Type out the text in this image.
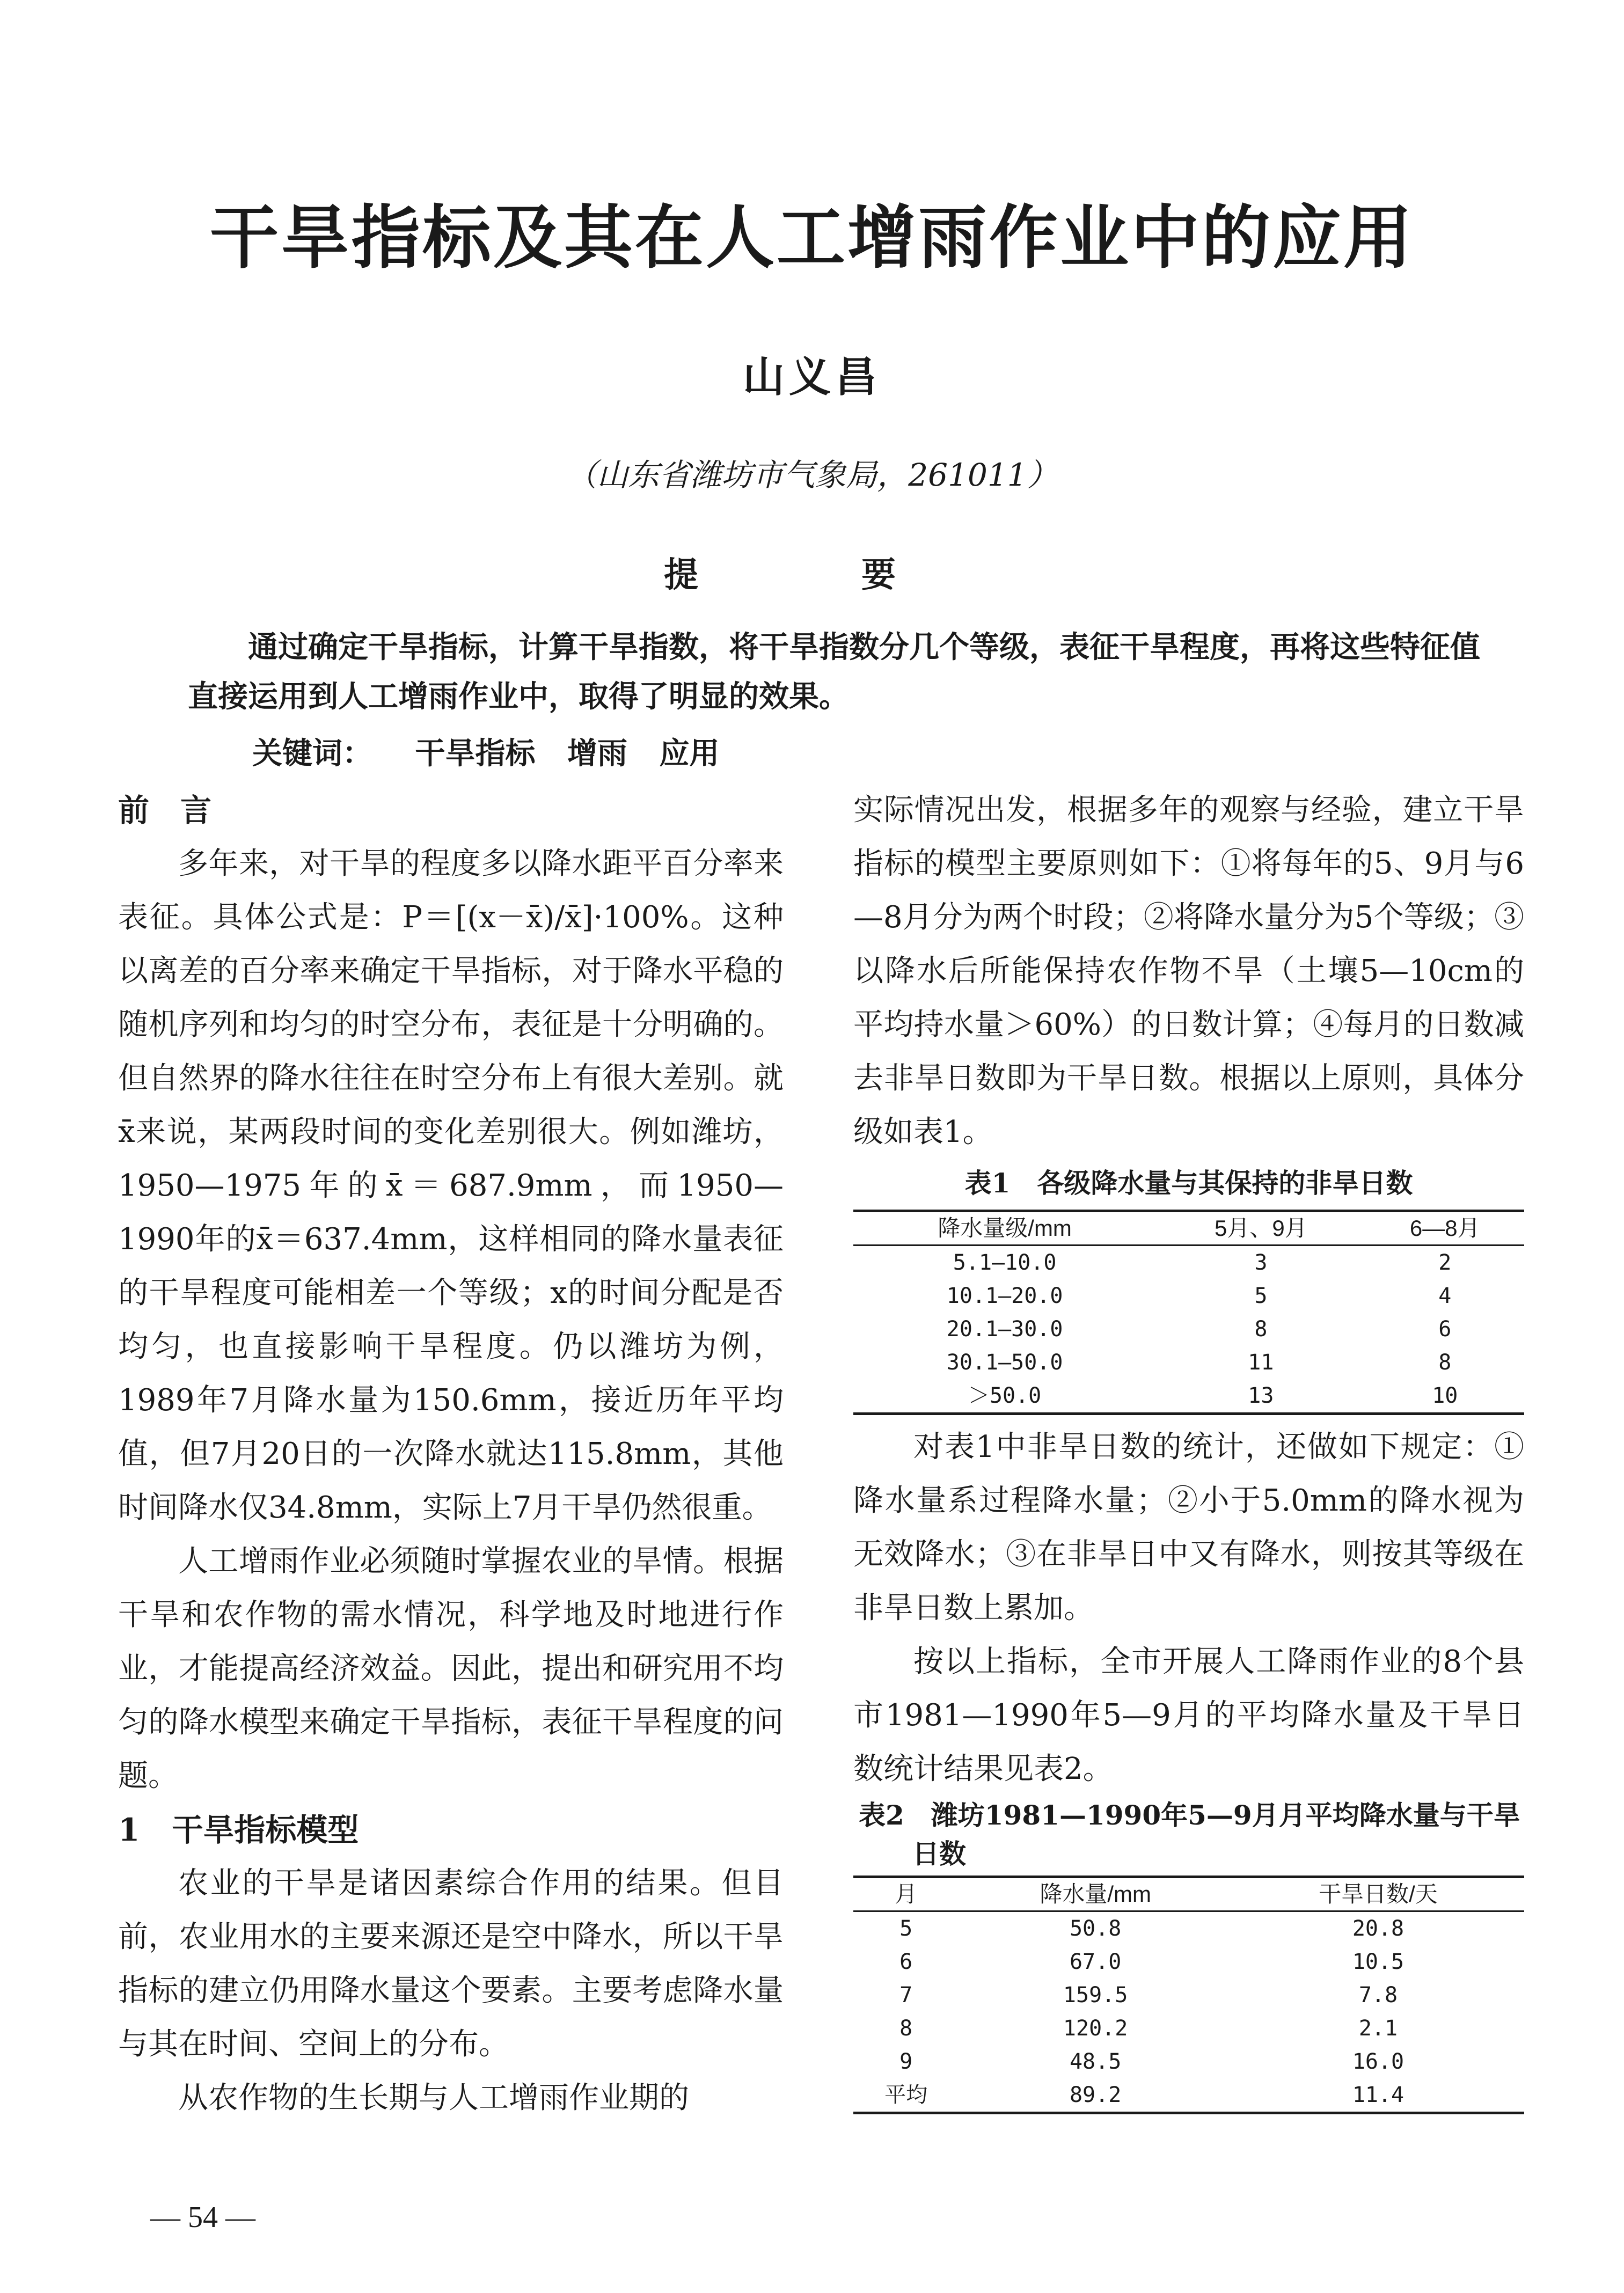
干旱指标及其在人工增雨作业中的应用
山义昌
（山东省潍坊市气象局，261011）
提　要

通过确定干旱指标，计算干旱指数，将干旱指数分几个等级，表征干旱程度，再将这些特征值直接运用到人工增雨作业中，取得了明显的效果。

关键词： 干旱指标 增雨 应用

前　言

多年来，对干旱的程度多以降水距平百分率来表征。具体公式是：P＝[(x－x̄)/x̄]·100%。这种以离差的百分率来确定干旱指标，对于降水平稳的随机序列和均匀的时空分布，表征是十分明确的。但自然界的降水往往在时空分布上有很大差别。就x̄来说，某两段时间的变化差别很大。例如潍坊，1950—1975年的x̄＝687.9mm，而1950—1990年的x̄＝637.4mm，这样相同的降水量表征的干旱程度可能相差一个等级；x的时间分配是否均匀，也直接影响干旱程度。仍以潍坊为例，1989年7月降水量为150.6mm，接近历年平均值，但7月20日的一次降水就达115.8mm，其他时间降水仅34.8mm，实际上7月干旱仍然很重。

人工增雨作业必须随时掌握农业的旱情。根据干旱和农作物的需水情况，科学地及时地进行作业，才能提高经济效益。因此，提出和研究用不均匀的降水模型来确定干旱指标，表征干旱程度的问题。

1 干旱指标模型

农业的干旱是诸因素综合作用的结果。但目前，农业用水的主要来源还是空中降水，所以干旱指标的建立仍用降水量这个要素。主要考虑降水量与其在时间、空间上的分布。

从农作物的生长期与人工增雨作业期的

实际情况出发，根据多年的观察与经验，建立干旱指标的模型主要原则如下：①将每年的5、9月与6—8月分为两个时段；②将降水量分为5个等级；③以降水后所能保持农作物不旱（土壤5—10cm的平均持水量＞60%）的日数计算；④每月的日数减去非旱日数即为干旱日数。根据以上原则，具体分级如表1。

表1　各级降水量与其保持的非旱日数
降水量级/mm	5月、9月	6—8月
5.1—10.0	3	2
10.1—20.0	5	4
20.1—30.0	8	6
30.1—50.0	11	8
＞50.0	13	10

对表1中非旱日数的统计，还做如下规定：①降水量系过程降水量；②小于5.0mm的降水视为无效降水；③在非旱日中又有降水，则按其等级在非旱日数上累加。

按以上指标，全市开展人工降雨作业的8个县市1981—1990年5—9月的平均降水量及干旱日数统计结果见表2。

表2　潍坊1981—1990年5—9月月平均降水量与干旱日数
月	降水量/mm	干旱日数/天
5	50.8	20.8
6	67.0	10.5
7	159.5	7.8
8	120.2	2.1
9	48.5	16.0
平均	89.2	11.4
— 54 —
